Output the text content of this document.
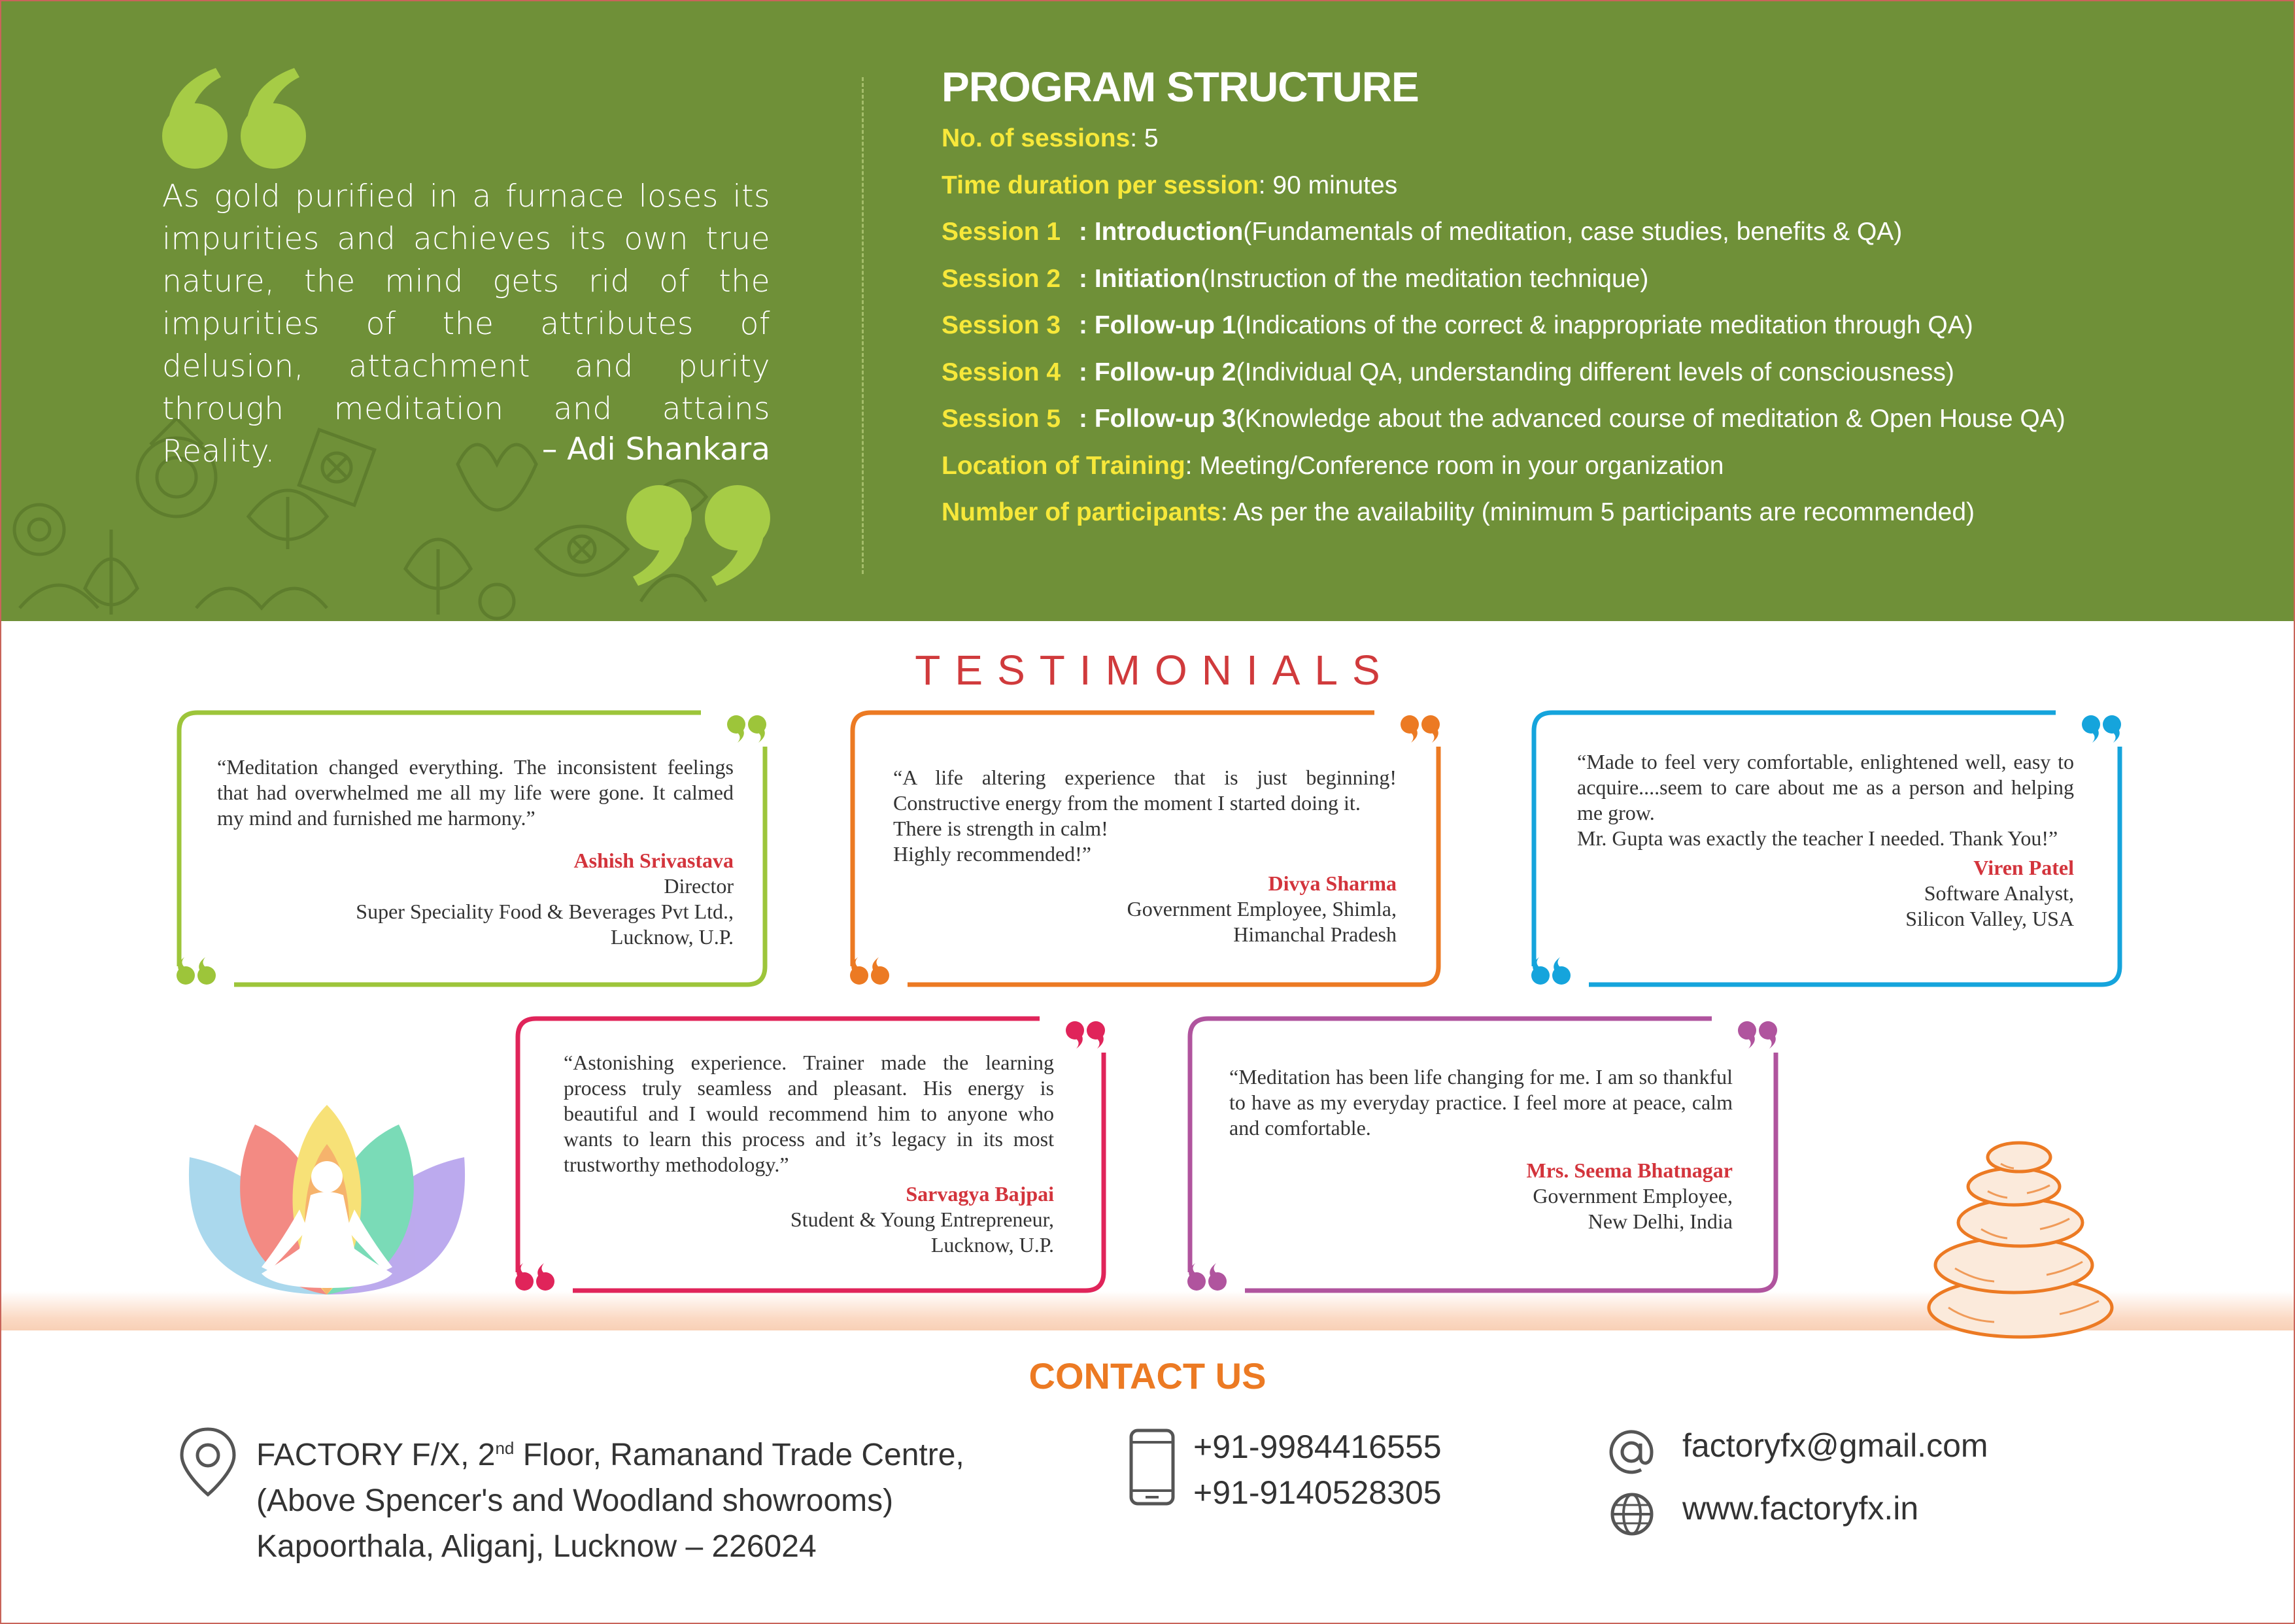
As gold purified in a furnace loses its impurities and achieves its own true nature, the mind gets rid of the impurities of the attributes of delusion, attachment and purity through meditation and attains Reality.	– Adi Shankara
PROGRAM STRUCTURE
No. of sessions : 5
Time duration per session : 90 minutes
Session 1 : Introduction (Fundamentals of meditation, case studies, benefits & QA)
Session 2 : Initiation (Instruction of the meditation technique)
Session 3 : Follow-up 1 (Indications of the correct & inappropriate meditation through QA)
Session 4 : Follow-up 2 (Individual QA, understanding different levels of consciousness)
Session 5 : Follow-up 3 (Knowledge about the advanced course of meditation & Open House QA)
Location of Training : Meeting/Conference room in your organization
Number of participants : As per the availability (minimum 5 participants are recommended)
TESTIMONIALS
“Meditation changed everything. The inconsistent feelings that had overwhelmed me all my life were gone. It calmed my mind and furnished me harmony.”
Ashish Srivastava
Director
Super Speciality Food & Beverages Pvt Ltd.,
Lucknow, U.P.
“A life altering experience that is just beginning! Constructive energy from the moment I started doing it.
There is strength in calm!
Highly recommended!”
Divya Sharma
Government Employee, Shimla,
Himanchal Pradesh
“Made to feel very comfortable, enlightened well, easy to acquire....seem to care about me as a person and helping me grow.
Mr. Gupta was exactly the teacher I needed. Thank You!”
Viren Patel
Software Analyst,
Silicon Valley, USA
“Astonishing experience. Trainer made the learning process truly seamless and pleasant. His energy is beautiful and I would recommend him to anyone who wants to learn this process and it’s legacy in its most trustworthy methodology.”
Sarvagya Bajpai
Student & Young Entrepreneur,
Lucknow, U.P.
“Meditation has been life changing for me. I am so thankful to have as my everyday practice. I feel more at peace, calm and comfortable.
Mrs. Seema Bhatnagar
Government Employee,
New Delhi, India
CONTACT US
FACTORY F/X, 2nd Floor, Ramanand Trade Centre,
(Above Spencer's and Woodland showrooms)
Kapoorthala, Aliganj, Lucknow – 226024
+91-9984416555
+91-9140528305
factoryfx@gmail.com
www.factoryfx.in
